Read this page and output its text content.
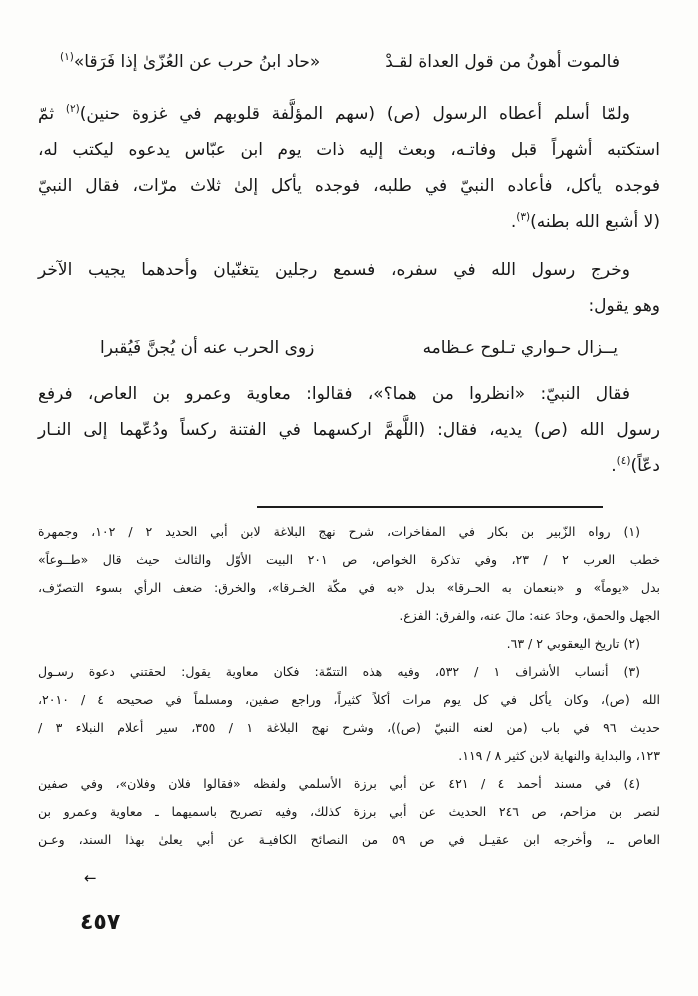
فالموت أهونُ من قول العداة لقـدْ
«حاد ابنُ حرب عن العُزّىٰ إذا فَرَقا»$^{(١)}$
ولمّا أسلم أعطاه الرسول (ص) (سهم المؤلَّفة قلوبهم في غزوة حنين)$^{(٢)}$ ثمّ
استكتبه أشهراً قبل وفاتـه، وبعث إليه ذات يوم ابن عبّاس يدعوه ليكتب له،
فوجده يأكل، فأعاده النبيّ في طلبه، فوجده يأكل إلىٰ ثلاث مرّات، فقال النبيّ
(لا أشبع الله بطنه)$^{(٣)}$.
وخرج رسول الله في سفره، فسمع رجلين يتغنّيان وأحدهما يجيب الآخر
وهو يقول:
يــزال حـواري تـلوح عـظامه
زوى الحرب عنه أن يُجنَّ فَيُقبرا
فقال النبيّ: «انظروا من هما؟»، فقالوا: معاوية وعمرو بن العاص، فرفع
رسول الله (ص) يديه، فقال: (اللَّهمَّ اركسهما في الفتنة ركساً ودُعّهما إلى النـار
دعّاً)$^{(٤)}$.
(١) رواه الزّبير بن بكار في المفاخرات، شرح نهج البلاغة لابن أبي الحديد ٢ / ١٠٢، وجمهرة
خطب العرب ٢ / ٢٣، وفي تذكرة الخواص، ص ٢٠١ البيت الأوّل والثالث حيث قال «طــوعاً»
بدل «يوماً» و «بنعمان به الحـرقا» بدل «به في مكّة الخـرقا»، والخرق: ضعف الرأي بسوء التصرّف،
الجهل والحمق، وحادَ عنه: مالَ عنه، والفرق: الفزع.
(٢) تاريخ اليعقوبي ٢ / ٦٣.
(٣) أنساب الأشراف ١ / ٥٣٢، وفيه هذه التتمّة: فكان معاوية يقول: لحقتني دعوة رسـول
الله (ص)، وكان يأكل في كل يوم مرات أكلاً كثيراً، وراجع صفين، ومسلماً في صحيحه ٤ / ٢٠١٠،
حديث ٩٦ في باب (من لعنه النبيّ (ص))، وشرح نهج البلاغة ١ / ٣٥٥، سير أعلام النبلاء ٣ /
١٢٣، والبداية والنهاية لابن كثير ٨ / ١١٩.
(٤) في مسند أحمد ٤ / ٤٢١ عن أبي برزة الأسلمي ولفظه «فقالوا فلان وفلان»، وفي صفين
لنصر بن مزاحم، ص ٢٤٦ الحديث عن أبي برزة كذلك، وفيه تصريح باسميهما ـ معاوية وعمرو بن
العاص ـ، وأخرجه ابن عقيـل في ص ٥٩ من النصائح الكافيـة عن أبي يعلىٰ بهذا السند، وعـن
←
٤٥٧
